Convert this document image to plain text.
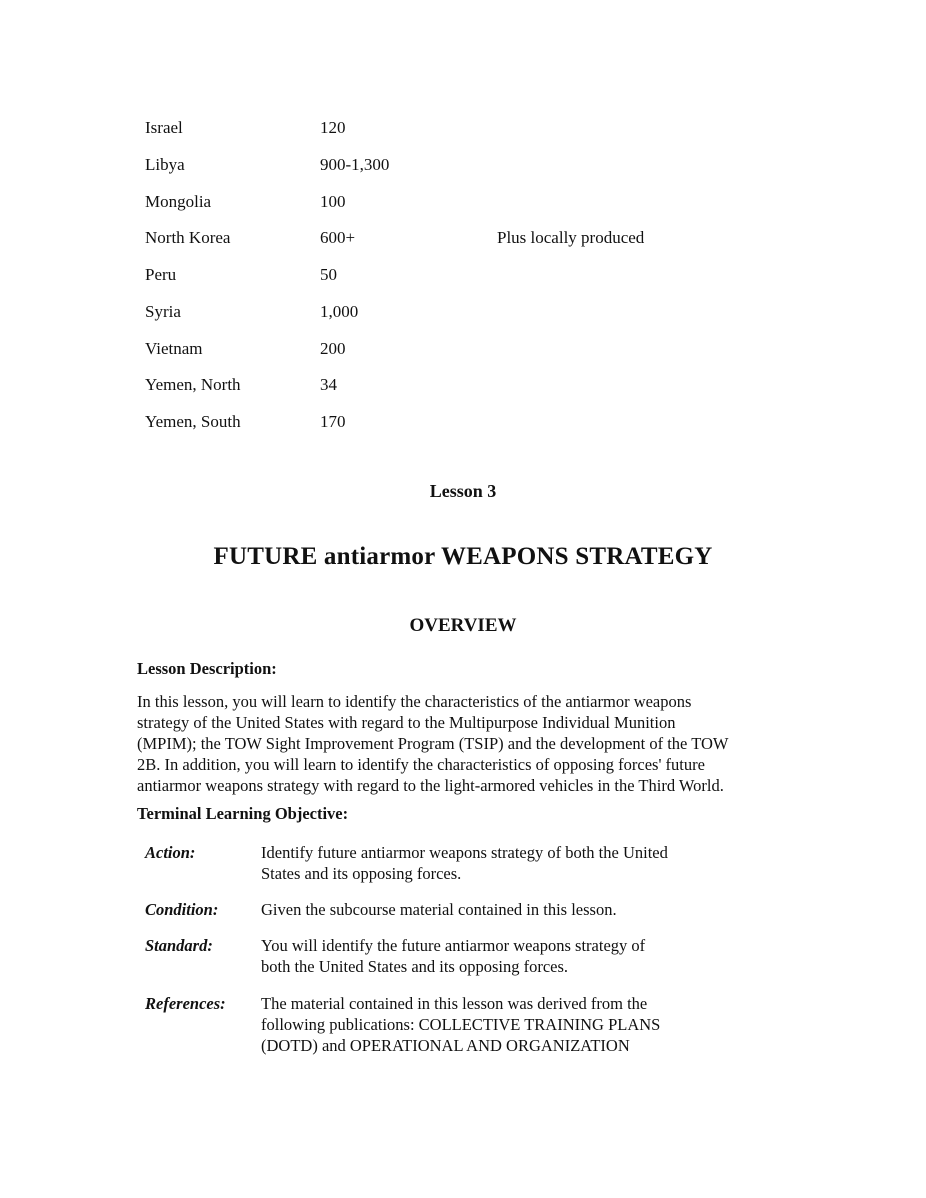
Israel	120
Libya	900-1,300
Mongolia	100
North Korea	600+	Plus locally produced
Peru	50
Syria	1,000
Vietnam	200
Yemen, North	34
Yemen, South	170
Lesson 3
FUTURE antiarmor WEAPONS STRATEGY
OVERVIEW
Lesson Description:
In this lesson, you will learn to identify the characteristics of the antiarmor weapons
strategy of the United States with regard to the Multipurpose Individual Munition
(MPIM); the TOW Sight Improvement Program (TSIP) and the development of the TOW
2B. In addition, you will learn to identify the characteristics of opposing forces' future
antiarmor weapons strategy with regard to the light-armored vehicles in the Third World.
Terminal Learning Objective:
Action:	Identify future antiarmor weapons strategy of both the United
States and its opposing forces.
Condition:	Given the subcourse material contained in this lesson.
Standard:	You will identify the future antiarmor weapons strategy of
both the United States and its opposing forces.
References: The material contained in this lesson was derived from the
following publications: COLLECTIVE TRAINING PLANS
(DOTD) and OPERATIONAL AND ORGANIZATION
